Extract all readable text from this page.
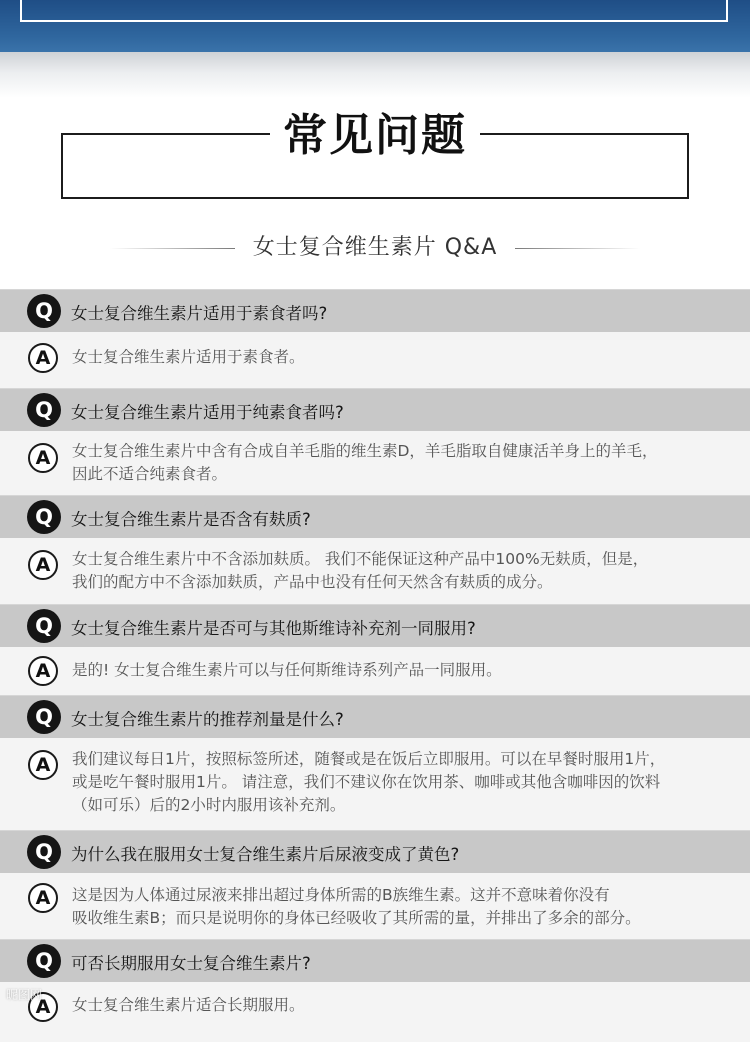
常见问题
女士复合维生素片 Q&A
Q	女士复合维生素片适用于素食者吗?
A	女士复合维生素片适用于素食者。
Q	女士复合维生素片适用于纯素食者吗?
A	女士复合维生素片中含有合成自羊毛脂的维生素D，羊毛脂取自健康活羊身上的羊毛，
因此不适合纯素食者。
Q	女士复合维生素片是否含有麸质?
A	女士复合维生素片中不含添加麸质。 我们不能保证这种产品中100%无麸质，但是，
我们的配方中不含添加麸质，产品中也没有任何天然含有麸质的成分。
Q	女士复合维生素片是否可与其他斯维诗补充剂一同服用?
A	是的! 女士复合维生素片可以与任何斯维诗系列产品一同服用。
Q	女士复合维生素片的推荐剂量是什么?
A	我们建议每日1片，按照标签所述，随餐或是在饭后立即服用。可以在早餐时服用1片，
或是吃午餐时服用1片。 请注意，我们不建议你在饮用茶、咖啡或其他含咖啡因的饮料
（如可乐）后的2小时内服用该补充剂。
Q	为什么我在服用女士复合维生素片后尿液变成了黄色?
A	这是因为人体通过尿液来排出超过身体所需的B族维生素。这并不意味着你没有
吸收维生素B；而只是说明你的身体已经吸收了其所需的量，并排出了多余的部分。
Q	可否长期服用女士复合维生素片?
A	女士复合维生素片适合长期服用。
昵图网
